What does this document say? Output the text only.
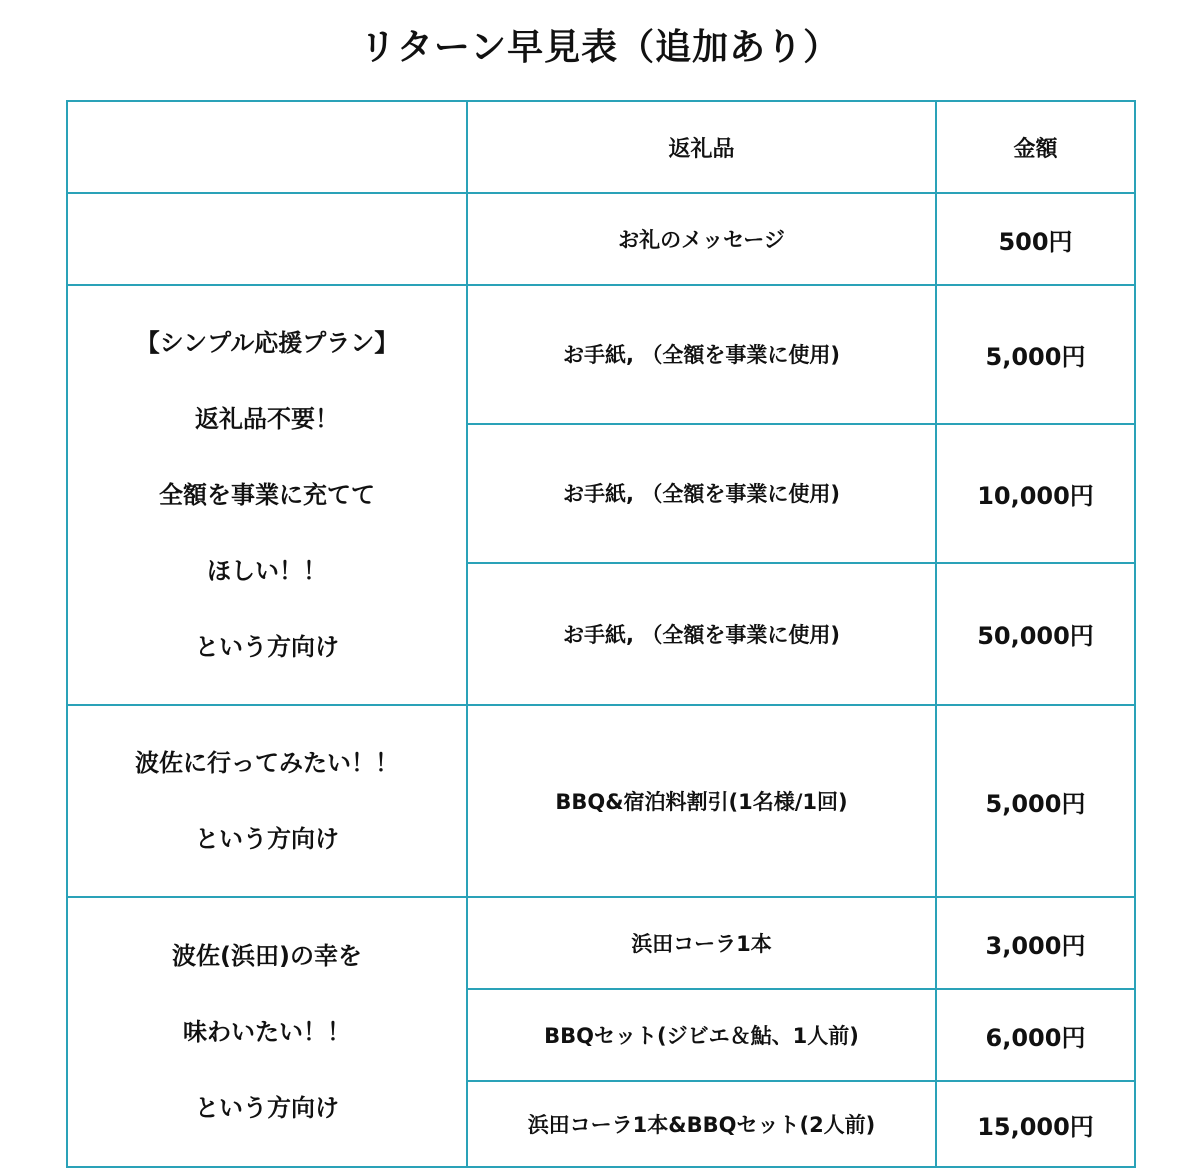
リターン早見表（追加あり）
	返礼品	金額
	お礼のメッセージ	500円

【シンプル応援プラン】

返礼品不要！

全額を事業に充てて

ほしい！！

という方向け	お手紙, （全額を事業に使用)	5,000円
	お手紙, （全額を事業に使用)	10,000円
	お手紙, （全額を事業に使用)	50,000円

波佐に行ってみたい！！

という方向け	BBQ&宿泊料割引(1名様/1回)	5,000円

波佐(浜田)の幸を

味わいたい！！

という方向け	浜田コーラ1本	3,000円
	BBQセット(ジビエ＆鮎、1人前)	6,000円
	浜田コーラ1本&BBQセット(2人前)	15,000円
